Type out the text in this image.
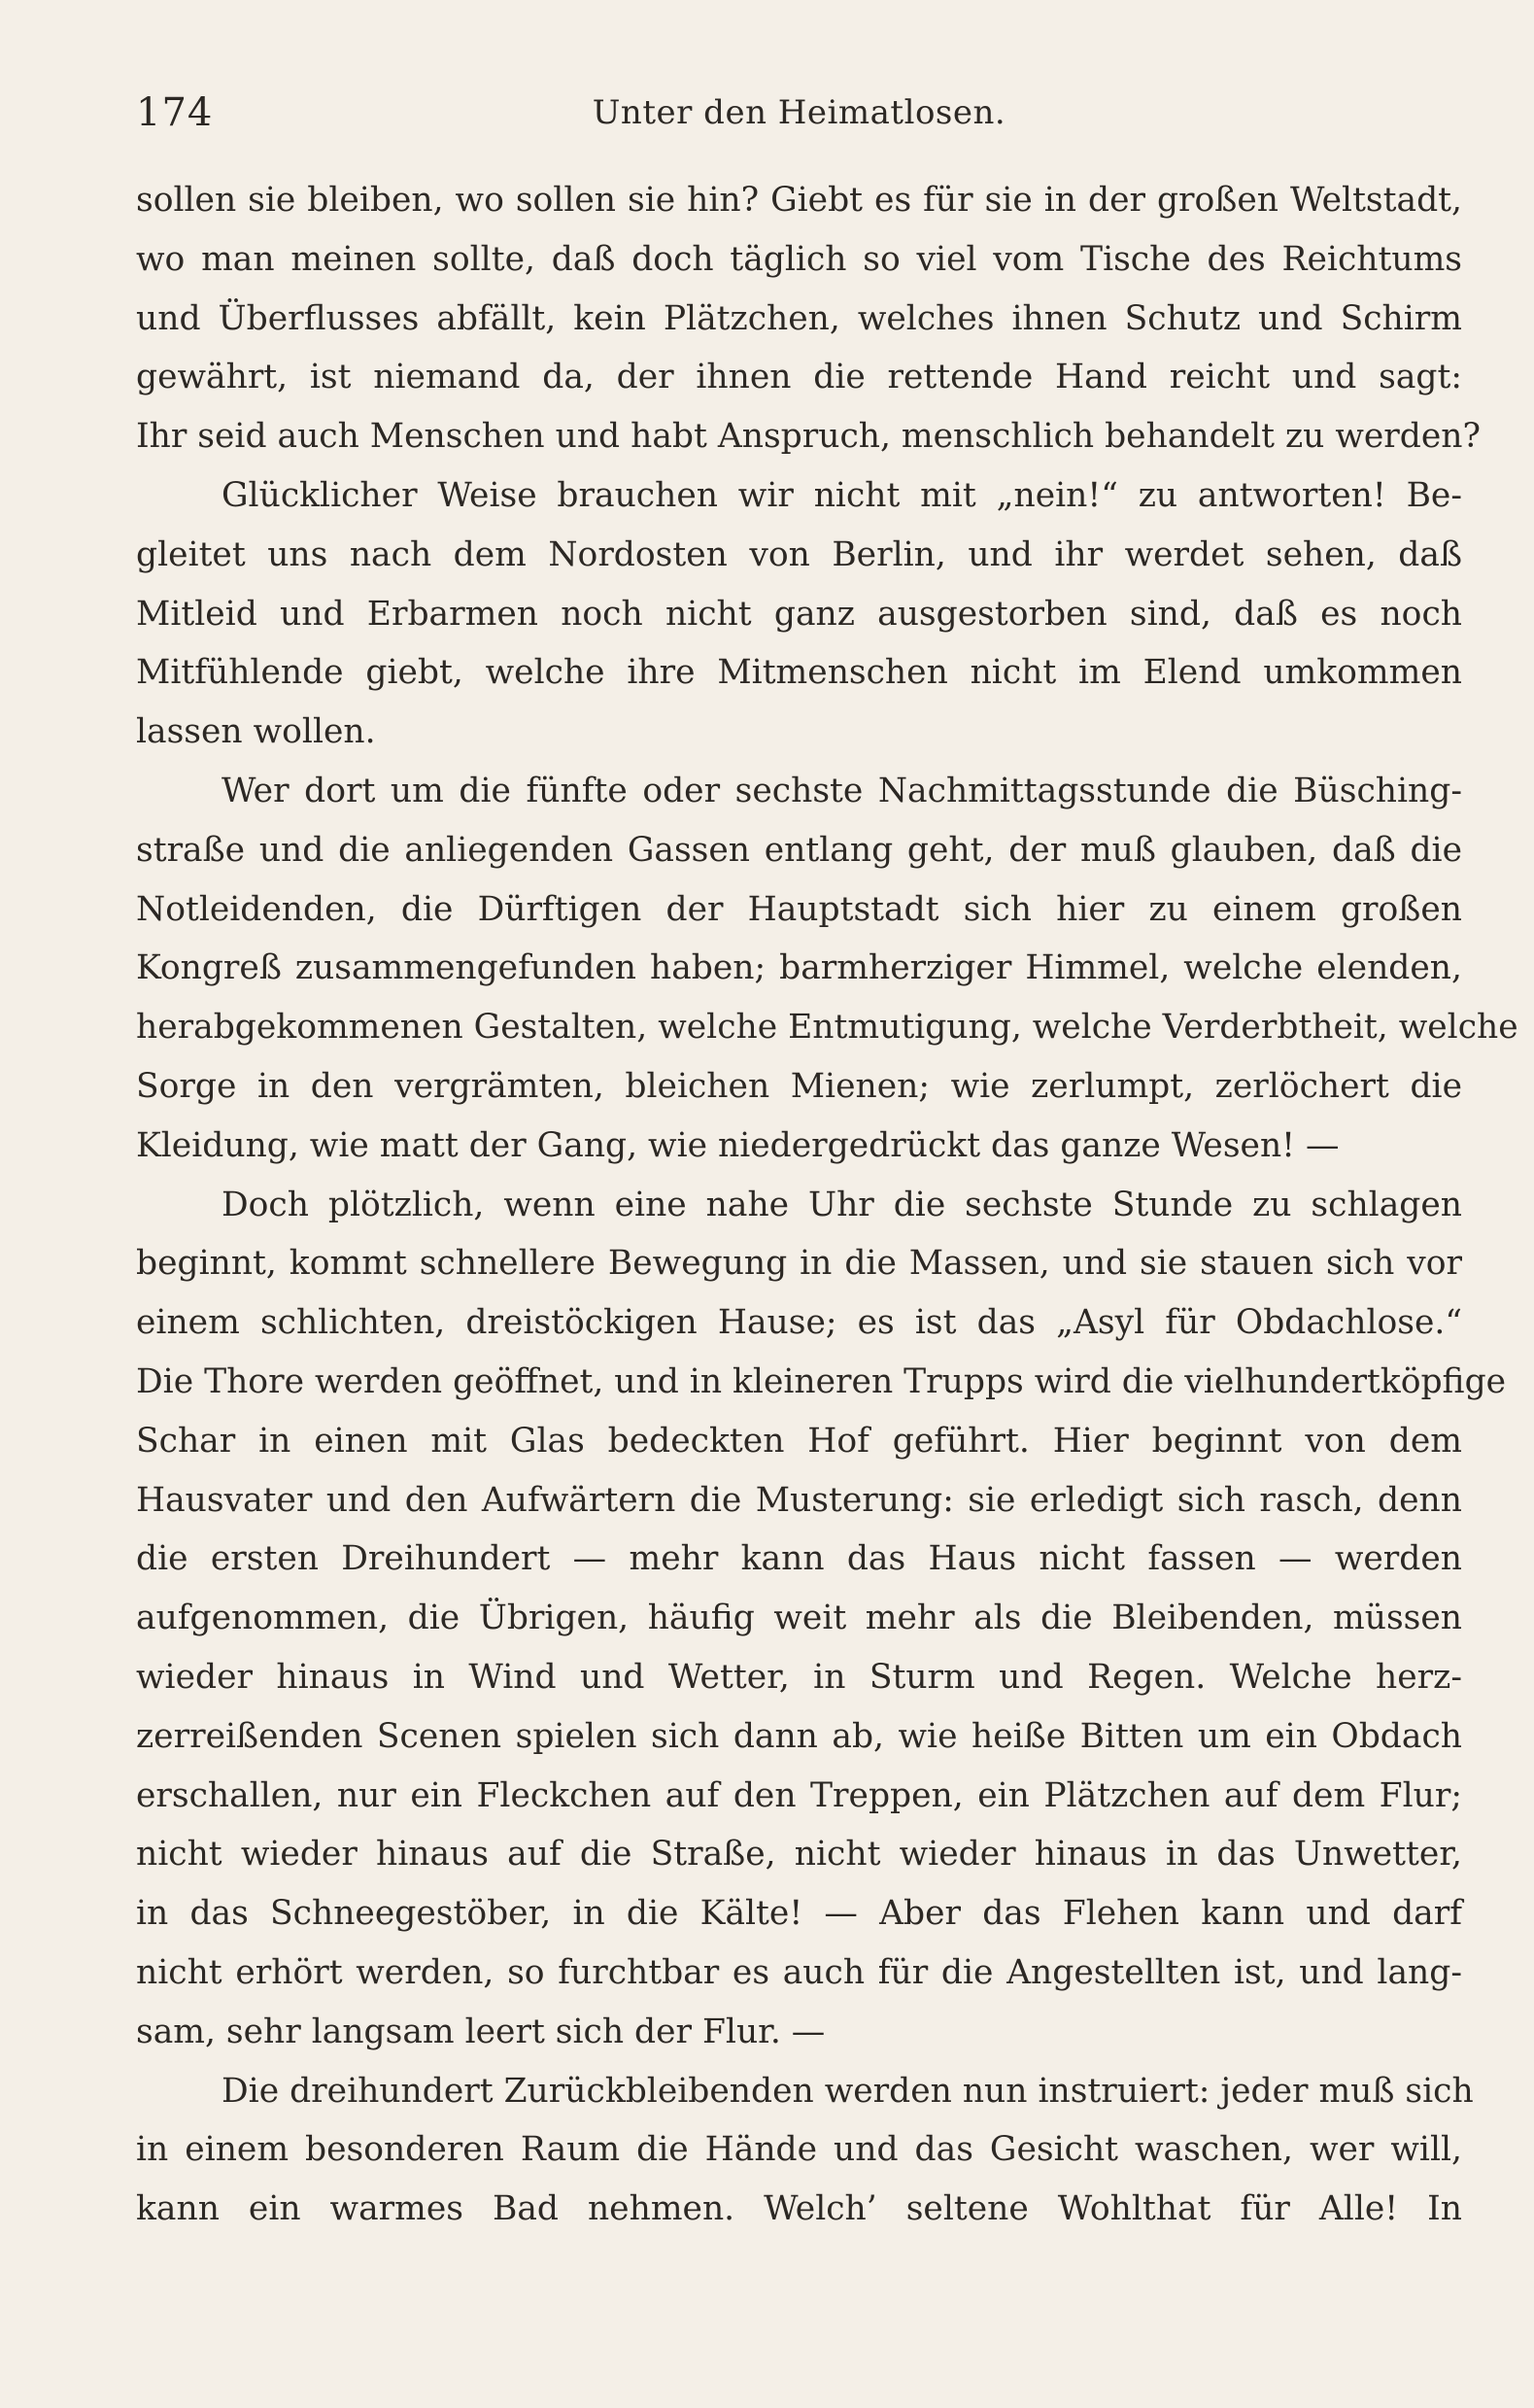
174	Unter den Heimatlosen.
sollen sie bleiben, wo sollen sie hin? Giebt es für sie in der großen Weltstadt,
wo man meinen sollte, daß doch täglich so viel vom Tische des Reichtums
und Überflusses abfällt, kein Plätzchen, welches ihnen Schutz und Schirm
gewährt, ist niemand da, der ihnen die rettende Hand reicht und sagt:
Ihr seid auch Menschen und habt Anspruch, menschlich behandelt zu werden?
Glücklicher Weise brauchen wir nicht mit „nein!“ zu antworten! Be-
gleitet uns nach dem Nordosten von Berlin, und ihr werdet sehen, daß
Mitleid und Erbarmen noch nicht ganz ausgestorben sind, daß es noch
Mitfühlende giebt, welche ihre Mitmenschen nicht im Elend umkommen
lassen wollen.
Wer dort um die fünfte oder sechste Nachmittagsstunde die Büsching-
straße und die anliegenden Gassen entlang geht, der muß glauben, daß die
Notleidenden, die Dürftigen der Hauptstadt sich hier zu einem großen
Kongreß zusammengefunden haben; barmherziger Himmel, welche elenden,
herabgekommenen Gestalten, welche Entmutigung, welche Verderbtheit, welche
Sorge in den vergrämten, bleichen Mienen; wie zerlumpt, zerlöchert die
Kleidung, wie matt der Gang, wie niedergedrückt das ganze Wesen! —
Doch plötzlich, wenn eine nahe Uhr die sechste Stunde zu schlagen
beginnt, kommt schnellere Bewegung in die Massen, und sie stauen sich vor
einem schlichten, dreistöckigen Hause; es ist das „Asyl für Obdachlose.“
Die Thore werden geöffnet, und in kleineren Trupps wird die vielhundertköpfige
Schar in einen mit Glas bedeckten Hof geführt. Hier beginnt von dem
Hausvater und den Aufwärtern die Musterung: sie erledigt sich rasch, denn
die ersten Dreihundert — mehr kann das Haus nicht fassen — werden
aufgenommen, die Übrigen, häufig weit mehr als die Bleibenden, müssen
wieder hinaus in Wind und Wetter, in Sturm und Regen. Welche herz-
zerreißenden Scenen spielen sich dann ab, wie heiße Bitten um ein Obdach
erschallen, nur ein Fleckchen auf den Treppen, ein Plätzchen auf dem Flur;
nicht wieder hinaus auf die Straße, nicht wieder hinaus in das Unwetter,
in das Schneegestöber, in die Kälte! — Aber das Flehen kann und darf
nicht erhört werden, so furchtbar es auch für die Angestellten ist, und lang-
sam, sehr langsam leert sich der Flur. —
Die dreihundert Zurückbleibenden werden nun instruiert: jeder muß sich
in einem besonderen Raum die Hände und das Gesicht waschen, wer will,
kann ein warmes Bad nehmen. Welch’ seltene Wohlthat für Alle! In
